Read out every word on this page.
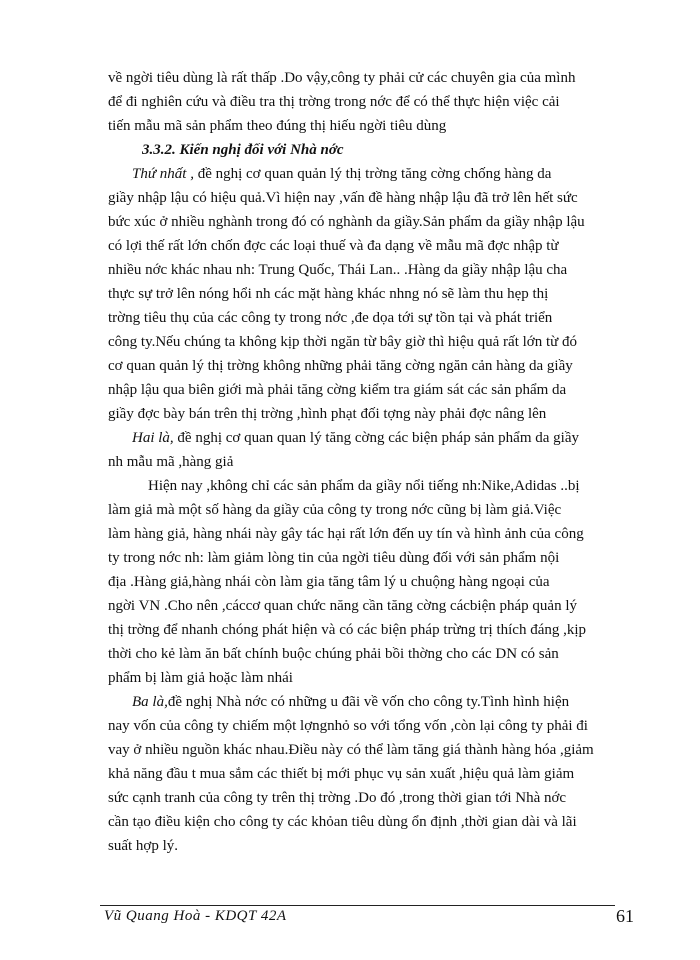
về ngời tiêu dùng là rất thấp .Do vậy,công ty phải cử các chuyên gia của mình
để đi nghiên cứu và điều tra thị trờng trong nớc để có thể thực hiện việc cải
tiến mẫu mã sản phẩm theo đúng thị hiếu ngời tiêu dùng
3.3.2. Kiến nghị đối với Nhà nớc
Thứ nhất , đề nghị cơ quan quản lý thị trờng tăng cờng chống hàng da
giầy nhập lậu có hiệu quả.Vì hiện nay ,vấn đề hàng nhập lậu đã trở lên hết sức
bức xúc ở nhiều nghành trong đó có nghành da giầy.Sản phẩm da giầy nhập lậu
có lợi thế rất lớn chốn đợc các loại thuế và đa dạng về mẫu mã đợc nhập từ
nhiều nớc khác nhau nh: Trung Quốc, Thái Lan.. .Hàng da giầy nhập lậu cha
thực sự trở lên nóng hổi nh các mặt hàng khác nhng nó sẽ làm thu hẹp thị
trờng tiêu thụ của các công ty trong nớc ,đe dọa tới sự tồn tại và phát triển
công ty.Nếu chúng ta không kịp thời ngăn từ bây giờ thì hiệu quả rất lớn từ đó
cơ quan quản lý thị trờng không những phải tăng cờng ngăn cản hàng da giầy
nhập lậu qua biên giới mà phải tăng cờng kiểm tra giám sát các sản phẩm da
giầy đợc bày bán trên thị trờng ,hình phạt đối tợng này phải đợc nâng lên
Hai là, đề nghị cơ quan quan lý tăng cờng các biện pháp sản phẩm da giầy
nh mẫu mã ,hàng giả
Hiện nay ,không chỉ các sản phẩm da giầy nổi tiếng nh:Nike,Adidas ..bị
làm giả mà một số hàng da giầy của công ty trong nớc cũng bị làm giả.Việc
làm hàng giả, hàng nhái này gây tác hại rất lớn đến uy tín và hình ảnh của công
ty trong nớc nh: làm giảm lòng tin của ngời tiêu dùng đối với sản phẩm nội
địa .Hàng giả,hàng nhái còn làm gia tăng tâm lý u chuộng hàng ngoại của
ngời VN .Cho nên ,cáccơ quan chức năng cần tăng cờng cácbiện pháp quản lý
thị trờng để nhanh chóng phát hiện và có các biện pháp trừng trị thích đáng ,kịp
thời cho kẻ làm ăn bất chính buộc chúng phải bồi thờng cho các DN có sản
phẩm bị làm giả hoặc làm nhái
Ba là,đề nghị Nhà nớc có những u đãi về vốn cho công ty.Tình hình hiện
nay vốn của công ty chiếm một lợngnhỏ so với tổng vốn ,còn lại công ty phải đi
vay ở nhiều nguồn khác nhau.Điều này có thể làm tăng giá thành hàng hóa ,giảm
khả năng đầu t mua sắm các thiết bị mới phục vụ sản xuất ,hiệu quả làm giảm
sức cạnh tranh của công ty trên thị trờng .Do đó ,trong thời gian tới Nhà nớc
cần tạo điều kiện cho công ty các khỏan tiêu dùng ổn định ,thời gian dài và lãi
suất hợp lý.
Vũ Quang Hoà - KDQT 42A	61
